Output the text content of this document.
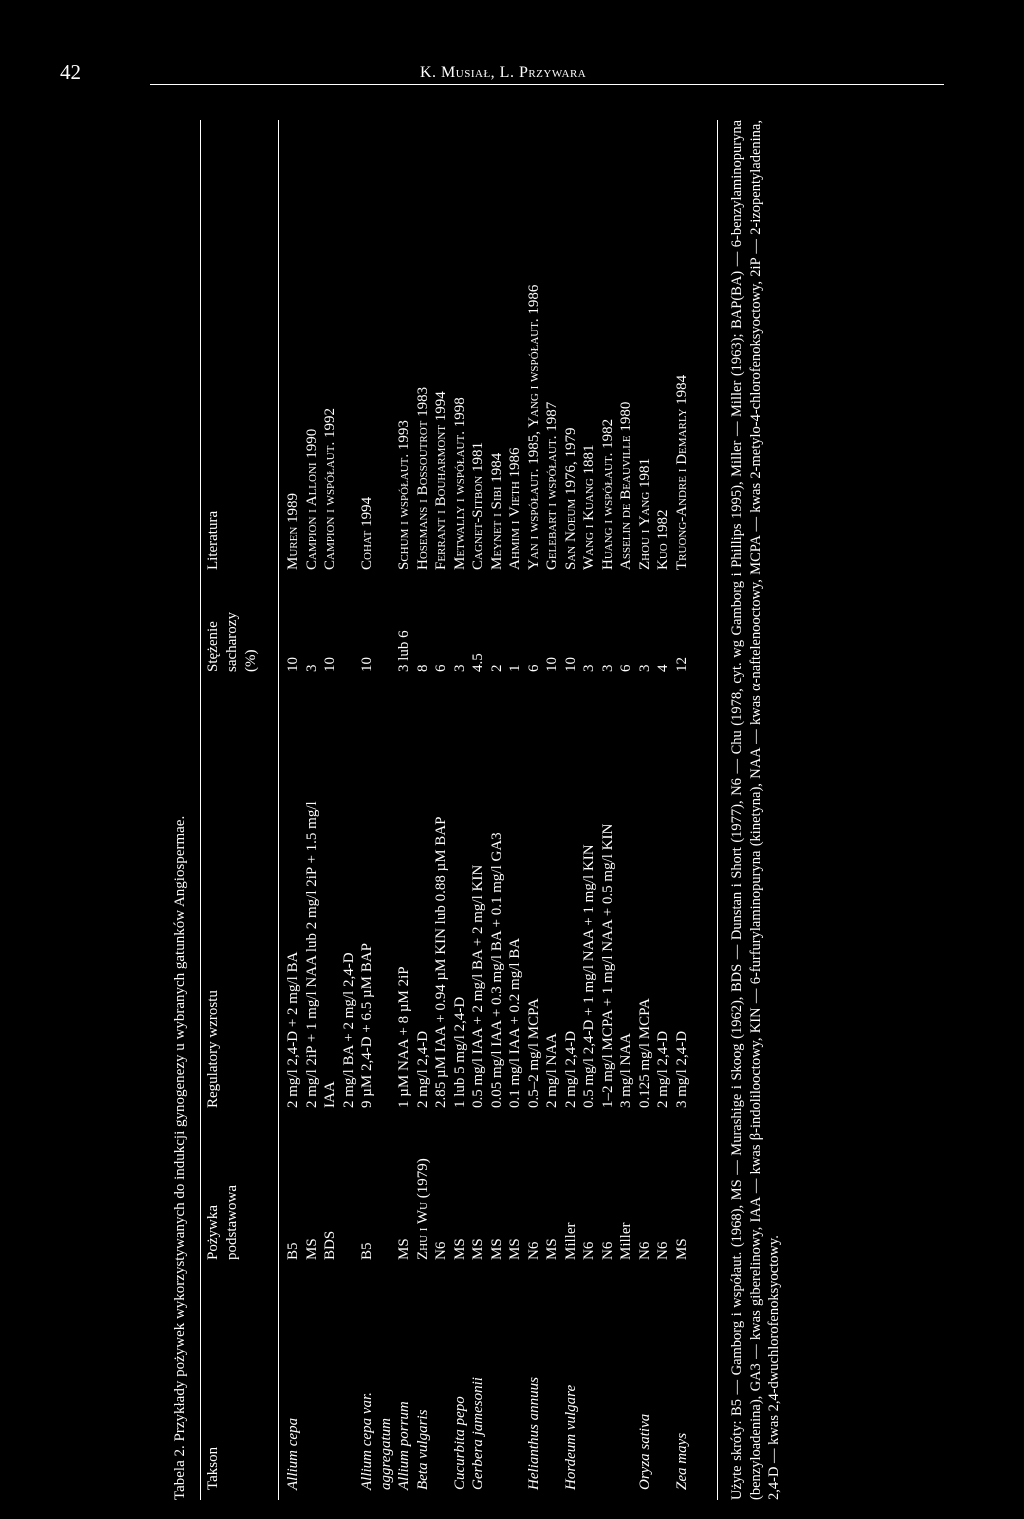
42	K. Musiał, L. Przywara
Tabela 2. Przykłady pożywek wykorzystywanych do indukcji gynogenezy u wybranych gatunków Angiospermae. Takson
Pożywka podstawowa
Regulatory wzrostu
Stężenie sacharozy (%)
Literatura
Allium cepa
B5
2 mg/l 2,4-D + 2 mg/l BA
10
Muren 1989
MS
2 mg/l 2iP + 1 mg/l NAA lub 2 mg/l 2iP + 1.5 mg/l
3
Campion i Alloni 1990
BDS
IAA
10
Campion i współaut. 1992
2 mg/l BA + 2 mg/l 2,4-D
Allium cepa var.
B5
9 µM 2,4-D + 6.5 µM BAP
10
Cohat 1994
aggregatum Allium porrum
MS
1 µM NAA + 8 µM 2iP
3 lub 6
Schum i współaut. 1993
Beta vulgaris
Zhu i Wu (1979)
2 mg/l 2,4-D
8
Hosemans i Bossoutrot 1983
N6
2.85 µM IAA + 0.94 µM KIN lub 0.88 µM BAP
6
Ferrant i Bouharmont 1994
Cucurbita pepo
MS
1 lub 5 mg/l 2,4-D
3
Metwally i współaut. 1998
Gerbera jamesonii
MS
0.5 mg/l IAA + 2 mg/l BA + 2 mg/l KIN
4.5
Cagnet-Sitbon 1981
MS
0.05 mg/l IAA + 0.3 mg/l BA + 0.1 mg/l GA3
2
Meynet i Sibi 1984
MS
0.1 mg/l IAA + 0.2 mg/l BA
1
Ahmim i Vieth 1986
Helianthus annuus
N6
0.5–2 mg/l MCPA
6
Yan i współaut. 1985, Yang i współaut. 1986
MS
2 mg/l NAA
10
Gelebart i współaut. 1987
Hordeum vulgare
Miller
2 mg/l 2,4-D
10
San Noeum 1976, 1979
N6
0.5 mg/l 2,4-D + 1 mg/l NAA + 1 mg/l KIN
3
Wang i Kuang 1881
N6
1–2 mg/l MCPA + 1 mg/l NAA + 0.5 mg/l KIN
3
Huang i współaut. 1982
Miller
3 mg/l NAA
6
Asselin de Beauville 1980
Oryza sativa
N6
0.125 mg/l MCPA
3
Zhou i Yang 1981
N6
2 mg/l 2,4-D
4
Kuo 1982
Zea mays
MS
3 mg/l 2,4-D
12
Truong-Andre i Demarly 1984	Użyte skróty: B5 — Gamborg i współaut. (1968), MS — Murashige i Skoog (1962), BDS — Dunstan i Short (1977), N6 — Chu (1978, cyt. wg Gamborg i Phillips 1995), Miller — Miller (1963); BAP(BA) — 6-benzylaminopuryna (benzyloadenina), GA3 — kwas giberelinowy, IAA — kwas β-indolilooctowy, KIN — 6-furfurylaminopuryna (kinetyna), NAA — kwas α-naftelenooctowy, MCPA — kwas 2-metylo-4-chlorofenoksyoctowy, 2iP — 2-izopentyladenina, 2,4-D — kwas 2,4-dwuchlorofenoksyoctowy.
